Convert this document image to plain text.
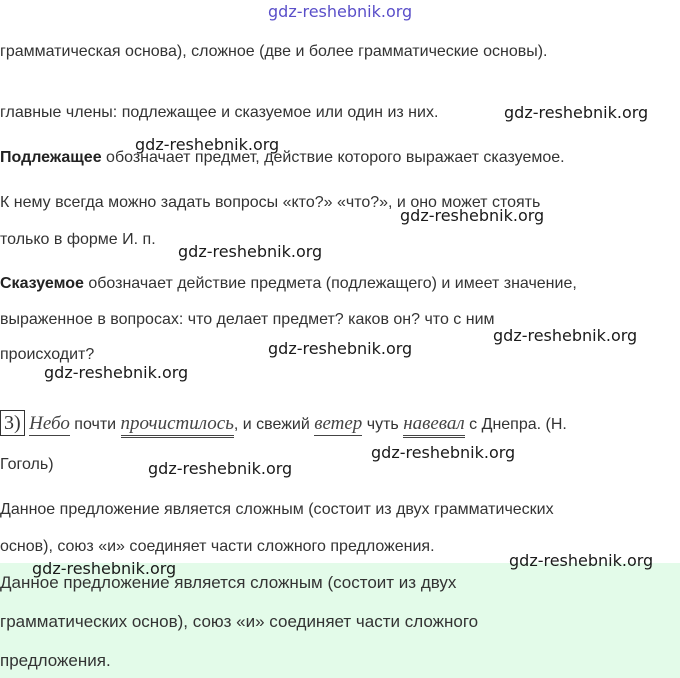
gdz-reshebnik.org
грамматическая основа), сложное (две и более грамматические основы).
главные члены: подлежащее и сказуемое или один из них.	gdz-reshebnik.org
gdz-reshebnik.org
Подлежащее обозначает предмет, действие которого выражает сказуемое.
К нему всегда можно задать вопросы «кто?» «что?», и оно может стоять
gdz-reshebnik.org
только в форме И. п.
gdz-reshebnik.org
Сказуемое обозначает действие предмета (подлежащего) и имеет значение,
выраженное в вопросах: что делает предмет? каков он? что с ним
gdz-reshebnik.org
gdz-reshebnik.org
происходит?
gdz-reshebnik.org
3) Небо почти прочистилось, и свежий ветер чуть навевал с Днепра. (Н.
gdz-reshebnik.org
Гоголь)	gdz-reshebnik.org
Данное предложение является сложным (состоит из двух грамматических
основ), союз «и» соединяет части сложного предложения.
gdz-reshebnik.org
gdz-reshebnik.org
Данное предложение является сложным (состоит из двух
грамматических основ), союз «и» соединяет части сложного
предложения.
